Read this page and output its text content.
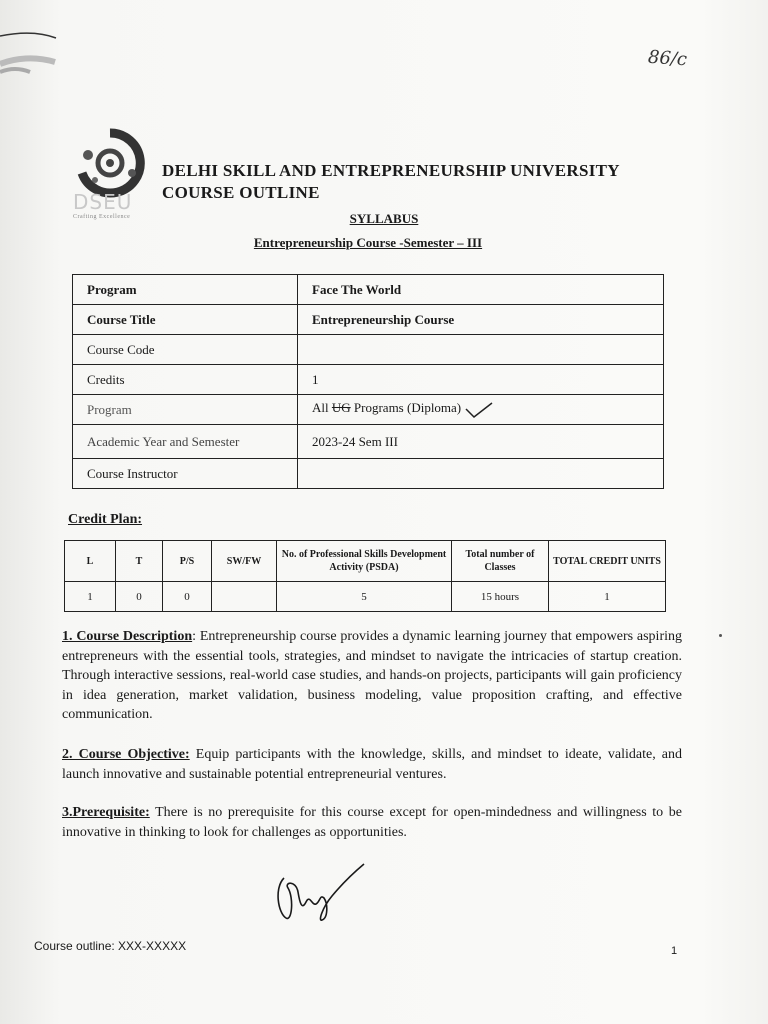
86/c
DSEU
Crafting Excellence
DELHI SKILL AND ENTREPRENEURSHIP UNIVERSITY
COURSE OUTLINE
SYLLABUS
Entrepreneurship Course -Semester – III
Program	Face The World
Course Title	Entrepreneurship Course
Course Code	
Credits	1
Program	All UG Programs (Diploma)
Academic Year and Semester	2023-24 Sem III
Course Instructor	
Credit Plan:
L	T	P/S	SW/FW	No. of Professional Skills Development Activity (PSDA)	Total number of Classes	TOTAL CREDIT UNITS
1	0	0		5	15 hours	1
1. Course Description: Entrepreneurship course provides a dynamic learning journey that empowers aspiring entrepreneurs with the essential tools, strategies, and mindset to navigate the intricacies of startup creation. Through interactive sessions, real-world case studies, and hands-on projects, participants will gain proficiency in idea generation, market validation, business modeling, value proposition crafting, and effective communication.
2. Course Objective: Equip participants with the knowledge, skills, and mindset to ideate, validate, and launch innovative and sustainable potential entrepreneurial ventures.
3.Prerequisite: There is no prerequisite for this course except for open-mindedness and willingness to be innovative in thinking to look for challenges as opportunities.
Course outline: XXX-XXXXX	1
